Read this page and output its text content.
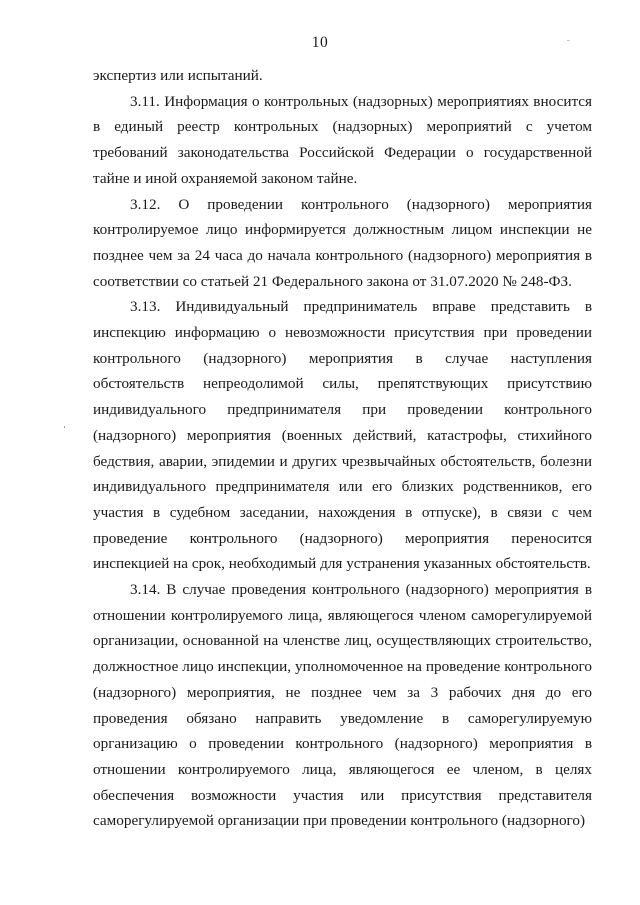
10

экспертиз или испытаний.

3.11. Информация о контрольных (надзорных) мероприятиях вносится в единый реестр контрольных (надзорных) мероприятий с учетом требований законодательства Российской Федерации о государственной тайне и иной охраняемой законом тайне.

3.12. О проведении контрольного (надзорного) мероприятия контролируемое лицо информируется должностным лицом инспекции не позднее чем за 24 часа до начала контрольного (надзорного) мероприятия в соответствии со статьей 21 Федерального закона от 31.07.2020 № 248-ФЗ.

3.13. Индивидуальный предприниматель вправе представить в инспекцию информацию о невозможности присутствия при проведении контрольного (надзорного) мероприятия в случае наступления обстоятельств непреодолимой силы, препятствующих присутствию индивидуального предпринимателя при проведении контрольного (надзорного) мероприятия (военных действий, катастрофы, стихийного бедствия, аварии, эпидемии и других чрезвычайных обстоятельств, болезни индивидуального предпринимателя или его близких родственников, его участия в судебном заседании, нахождения в отпуске), в связи с чем проведение контрольного (надзорного) мероприятия переносится инспекцией на срок, необходимый для устранения указанных обстоятельств.

3.14. В случае проведения контрольного (надзорного) мероприятия в отношении контролируемого лица, являющегося членом саморегулируемой организации, основанной на членстве лиц, осуществляющих строительство, должностное лицо инспекции, уполномоченное на проведение контрольного (надзорного) мероприятия, не позднее чем за 3 рабочих дня до его проведения обязано направить уведомление в саморегулируемую организацию о проведении контрольного (надзорного) мероприятия в отношении контролируемого лица, являющегося ее членом, в целях обеспечения возможности участия или присутствия представителя саморегулируемой организации при проведении контрольного (надзорного)
